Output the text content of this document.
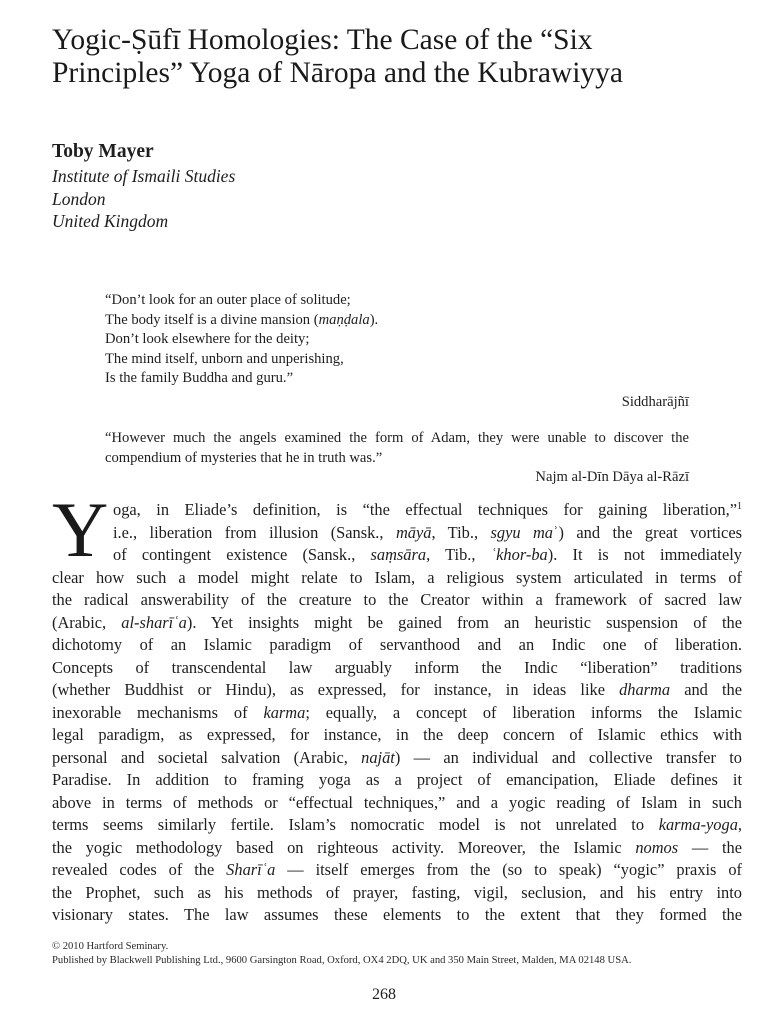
Yogic-Ṣūfī Homologies: The Case of the “Six
Principles” Yoga of Nāropa and the Kubrawiyya
Toby Mayer
Institute of Ismaili Studies
London
United Kingdom
“Don’t look for an outer place of solitude;
The body itself is a divine mansion (maṇḍala).
Don’t look elsewhere for the deity;
The mind itself, unborn and unperishing,
Is the family Buddha and guru.”
Siddharājñī
“However much the angels examined the form of Adam, they were unable to discover the compendium of mysteries that he in truth was.”
Najm al-Dīn Dāya al-Rāzī
Y oga, in Eliade’s definition, is “the effectual techniques for gaining liberation,”$^1$
i.e., liberation from illusion (Sansk., māyā, Tib., sgyu maʾ) and the great vortices
of contingent existence (Sansk., saṃsāra, Tib., ʿkhor-ba). It is not immediately
clear how such a model might relate to Islam, a religious system articulated in terms of
the radical answerability of the creature to the Creator within a framework of sacred law
(Arabic, al-sharīʿa). Yet insights might be gained from an heuristic suspension of the
dichotomy of an Islamic paradigm of servanthood and an Indic one of liberation.
Concepts of transcendental law arguably inform the Indic “liberation” traditions
(whether Buddhist or Hindu), as expressed, for instance, in ideas like dharma and the
inexorable mechanisms of karma; equally, a concept of liberation informs the Islamic
legal paradigm, as expressed, for instance, in the deep concern of Islamic ethics with
personal and societal salvation (Arabic, najāt) — an individual and collective transfer to
Paradise. In addition to framing yoga as a project of emancipation, Eliade defines it
above in terms of methods or “effectual techniques,” and a yogic reading of Islam in such
terms seems similarly fertile. Islam’s nomocratic model is not unrelated to karma-yoga,
the yogic methodology based on righteous activity. Moreover, the Islamic nomos — the
revealed codes of the Sharīʿa — itself emerges from the (so to speak) “yogic” praxis of
the Prophet, such as his methods of prayer, fasting, vigil, seclusion, and his entry into
visionary states. The law assumes these elements to the extent that they formed the
© 2010 Hartford Seminary.
Published by Blackwell Publishing Ltd., 9600 Garsington Road, Oxford, OX4 2DQ, UK and 350 Main Street, Malden, MA 02148 USA.
268
